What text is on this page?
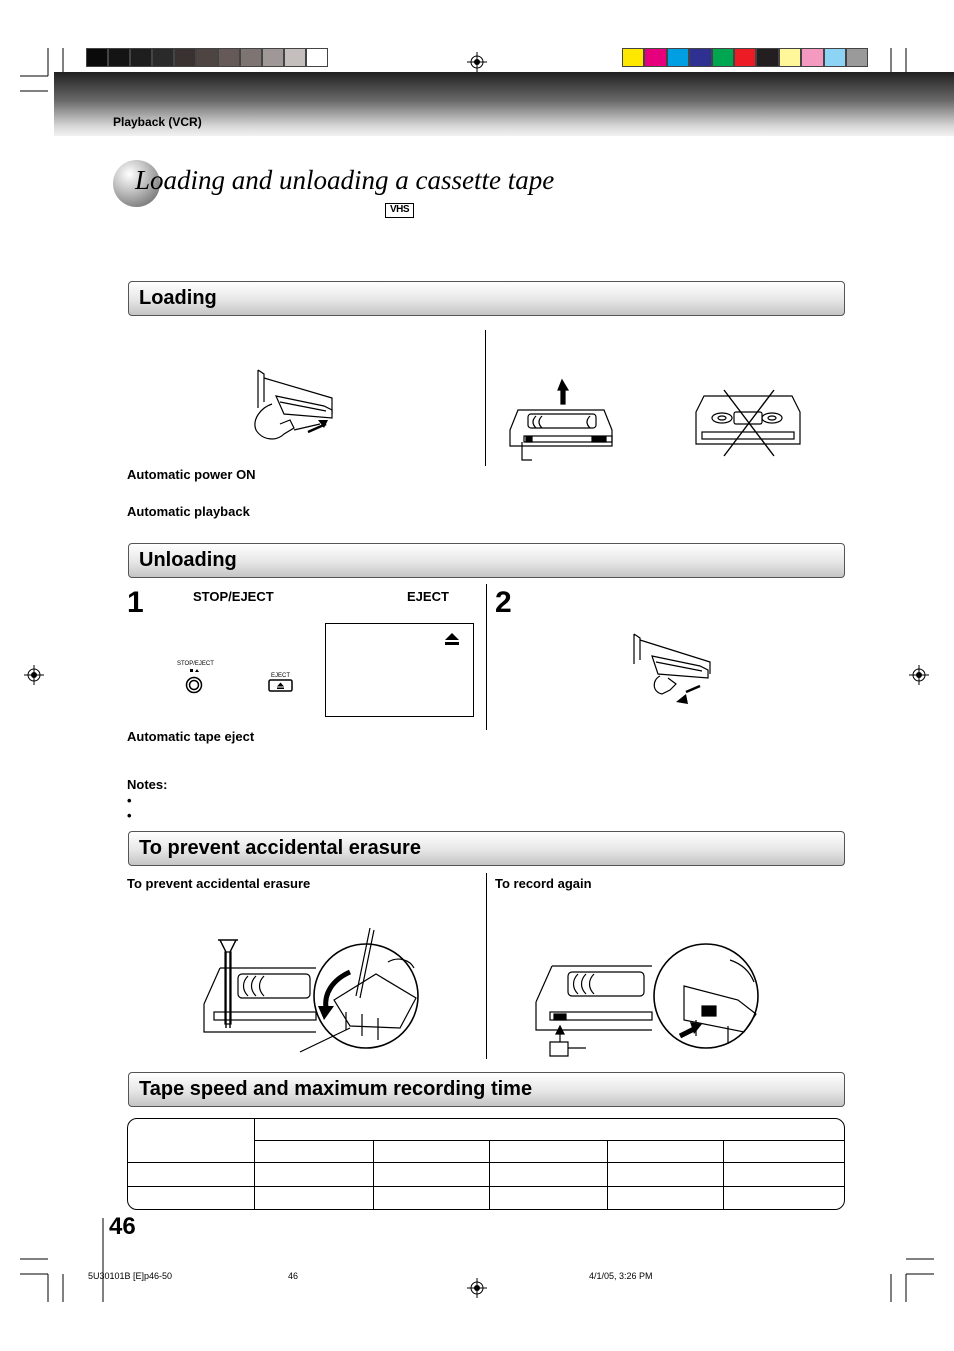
Playback (VCR)
Loading and unloading a cassette tape
VHS
Loading
Automatic power ON
Automatic playback
Unloading
1	STOP/EJECT	EJECT
STOP/EJECT
EJECT
2
Automatic tape eject
Notes:
•
•
To prevent accidental erasure
To prevent accidental erasure	To record again
Tape speed and maximum recording time

46
5U30101B [E]p46-50	46	4/1/05, 3:26 PM
